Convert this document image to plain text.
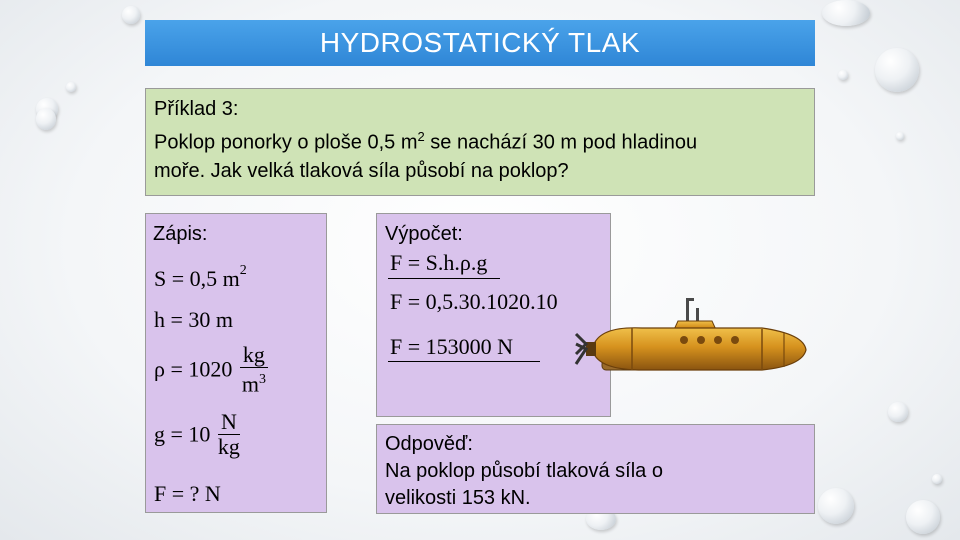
HYDROSTATICKÝ TLAK
Příklad 3:
Poklop ponorky o ploše 0,5 $m^2$ se nachází 30 m pod hladinou
moře. Jak velká tlaková síla působí na poklop?
Zápis:
S = 0,5 $m^2$
h = 30 m
$\rho = 1020 \frac{kg}{m^3}$
$g = 10 \frac{N}{kg}$
F = ? N
Výpočet:
F = S.h.ρ.g
F = 0,5.30.1020.10
F = 153000 N
Odpověď:
Na poklop působí tlaková síla o
velikosti 153 kN.
